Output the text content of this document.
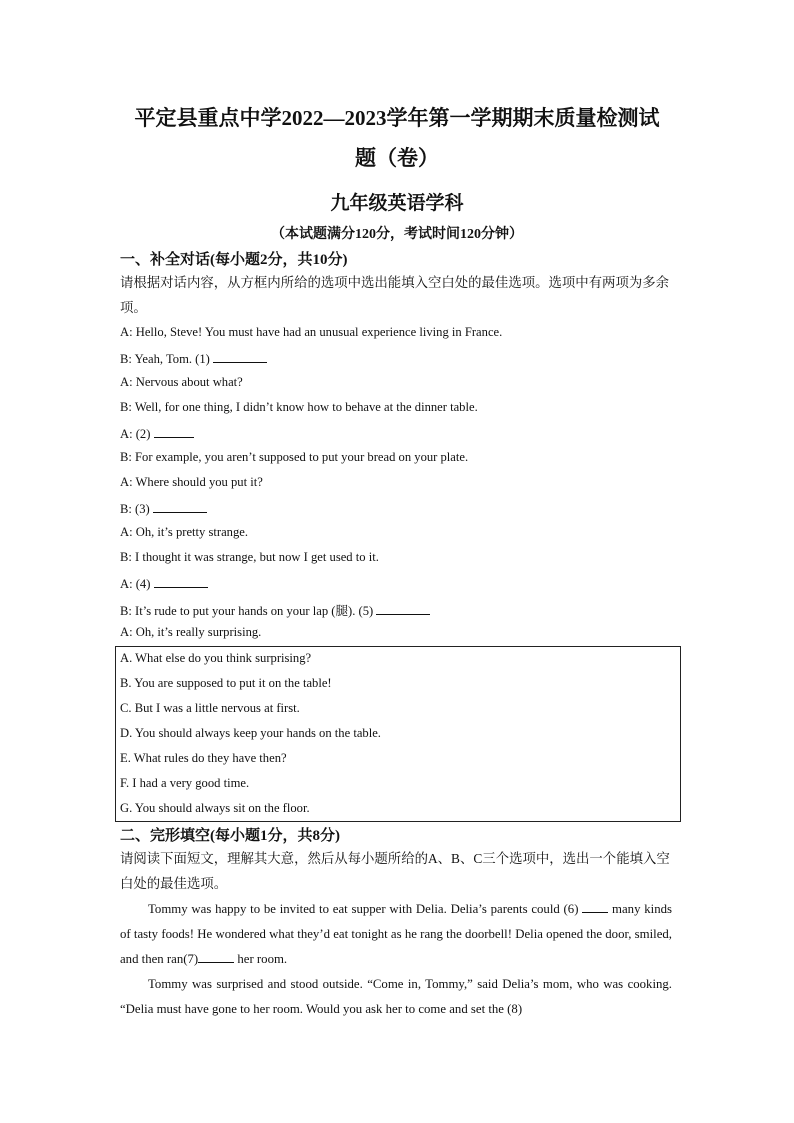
平定县重点中学2022—2023学年第一学期期末质量检测试
题（卷）
九年级英语学科
（本试题满分120分，考试时间120分钟）
一、补全对话(每小题2分，共10分)
请根据对话内容，从方框内所给的选项中选出能填入空白处的最佳选项。选项中有两项为多余项。
A: Hello, Steve! You must have had an unusual experience living in France.
B: Yeah, Tom. (1)
A: Nervous about what?
B: Well, for one thing, I didn’t know how to behave at the dinner table.
A: (2)
B: For example, you aren’t supposed to put your bread on your plate.
A: Where should you put it?
B: (3)
A: Oh, it’s pretty strange.
B: I thought it was strange, but now I get used to it.
A: (4)
B: It’s rude to put your hands on your lap (腿). (5)
A: Oh, it’s really surprising.
A. What else do you think surprising?
B. You are supposed to put it on the table!
C. But I was a little nervous at first.
D. You should always keep your hands on the table.
E. What rules do they have then?
F. I had a very good time.
G. You should always sit on the floor.
二、完形填空(每小题1分，共8分)
请阅读下面短文，理解其大意，然后从每小题所给的A、B、C三个选项中，选出一个能填入空白处的最佳选项。
Tommy was happy to be invited to eat supper with Delia. Delia’s parents could (6)	many kinds of tasty foods! He wondered what they’d eat tonight as he rang the doorbell! Delia opened the door, smiled, and then ran(7)	her room.
Tommy was surprised and stood outside. “Come in, Tommy,” said Delia’s mom, who was cooking. “Delia must have gone to her room. Would you ask her to come and set the (8)
